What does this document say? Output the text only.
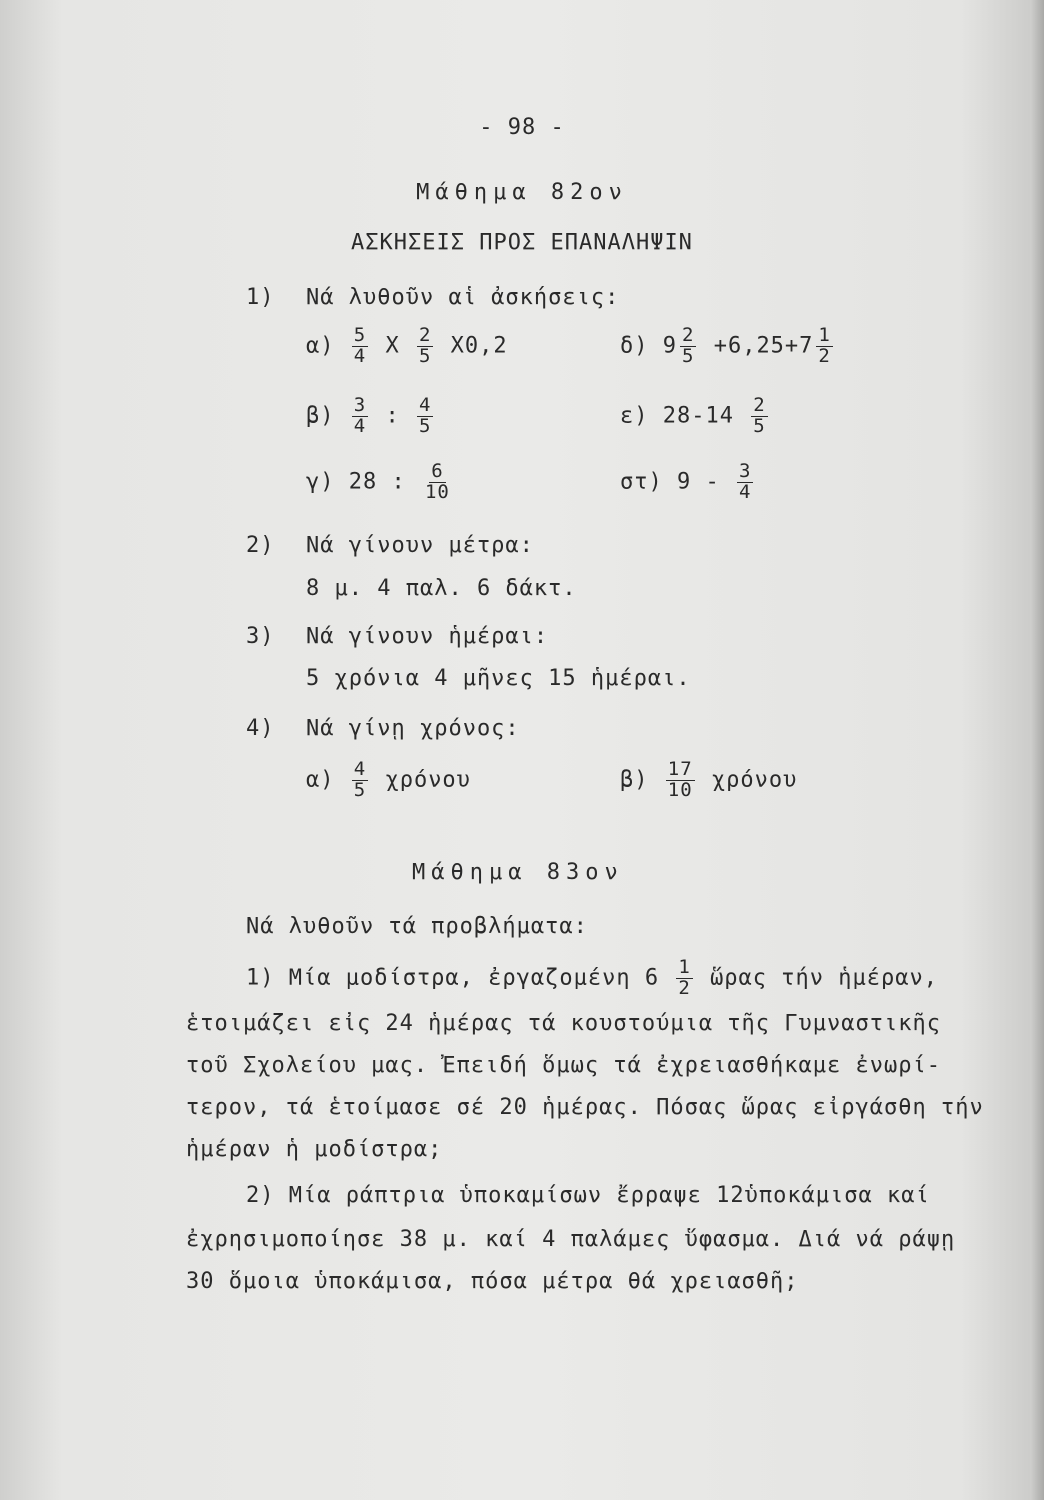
- 98 -
Μάθημα 82ον
ΑΣΚΗΣΕΙΣ ΠΡΟΣ ΕΠΑΝΑΛΗΨΙΝ
1) Νά λυθοῦν αἱ ἀσκήσεις:
$\alpha) \frac{5}{4}$ X $\frac{2}{5} X0,2$	δ) $9 \frac{2}{5} +6,25+7 \frac{1}{2}$
$\beta) \frac{3}{4}$ : $\frac{4}{5}$	ε) $28-14 \frac{2}{5}$
γ) 28 : $\frac{6}{10}$	στ) $9 - \frac{3}{4}$
2) Νά γίνουν μέτρα:
8 μ. 4 παλ. 6 δάκτ.
3) Νά γίνουν ἡμέραι:
5 χρόνια 4 μῆνες 15 ἡμέραι.
4) Νά γίνῃ χρόνος:
$\alpha) \frac{4}{5}$ χρόνου	$\beta) \frac{17}{10}$ χρόνου
Μάθημα 83ον
Νά λυθοῦν τά προβλήματα:

1) Μία μοδίστρα, ἐργαζομένη $6 \frac{1}{2}$ ὥρας τήν ἡμέραν,

ἑτοιμάζει εἰς 24 ἡμέρας τά κουστούμια τῆς Γυμναστικῆς

τοῦ Σχολείου μας. Ἐπειδή ὅμως τά ἐχρειασθήκαμε ἐνωρί-

τερον, τά ἑτοίμασε σέ 20 ἡμέρας. Πόσας ὥρας εἰργάσθη τήν

ἡμέραν ἡ μοδίστρα;

2) Μία ράπτρια ὑποκαμίσων ἔρραψε 12ὑποκάμισα καί

ἐχρησιμοποίησε 38 μ. καί 4 παλάμες ὕφασμα. Διά νά ράψῃ

30 ὅμοια ὑποκάμισα, πόσα μέτρα θά χρειασθῆ;
